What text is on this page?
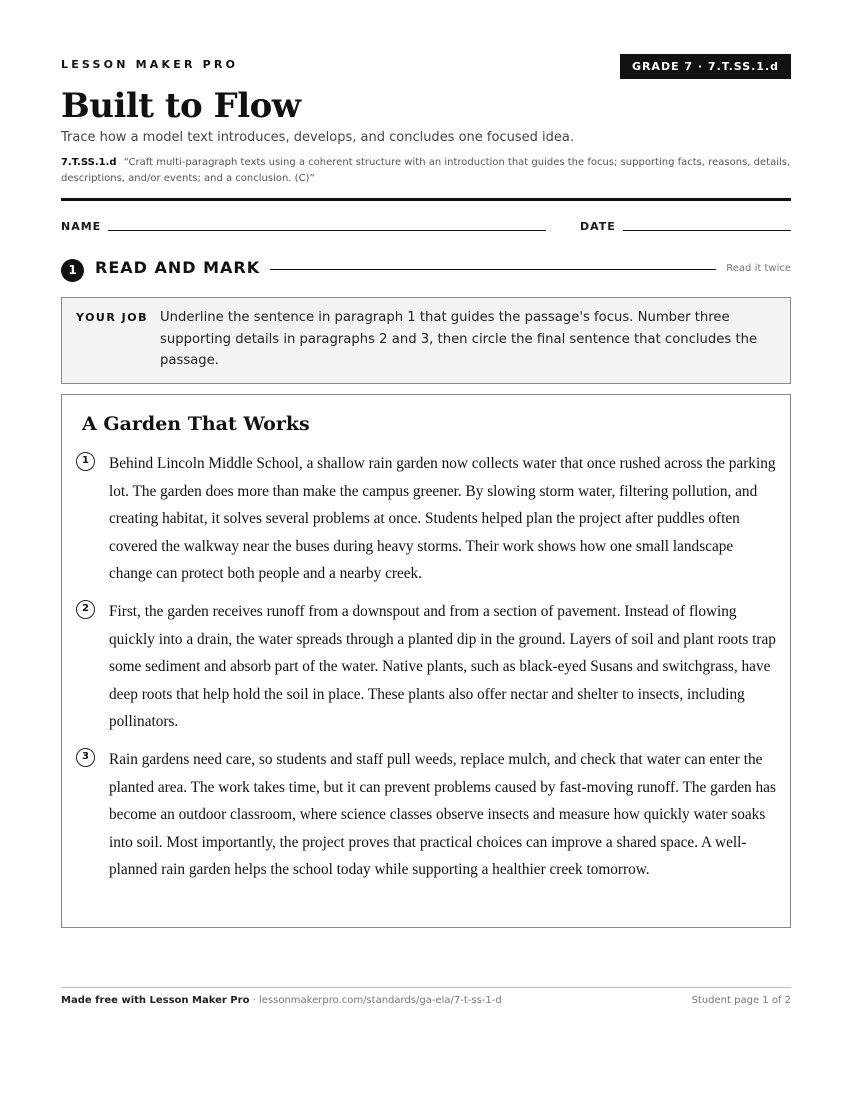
LESSON MAKER PRO	GRADE 7 · 7.T.SS.1.d
Built to Flow
Trace how a model text introduces, develops, and concludes one focused idea.
7.T.SS.1.d “Craft multi-paragraph texts using a coherent structure with an introduction that guides the focus; supporting facts, reasons, details, descriptions, and/or events; and a conclusion. (C)”
NAME	DATE
1	READ AND MARK	Read it twice
YOUR JOB Underline the sentence in paragraph 1 that guides the passage's focus. Number three supporting details in paragraphs 2 and 3, then circle the final sentence that concludes the passage.
A Garden That Works
1	Behind Lincoln Middle School, a shallow rain garden now collects water that once rushed across the parking lot. The garden does more than make the campus greener. By slowing storm water, filtering pollution, and creating habitat, it solves several problems at once. Students helped plan the project after puddles often covered the walkway near the buses during heavy storms. Their work shows how one small landscape change can protect both people and a nearby creek.
2	First, the garden receives runoff from a downspout and from a section of pavement. Instead of flowing quickly into a drain, the water spreads through a planted dip in the ground. Layers of soil and plant roots trap some sediment and absorb part of the water. Native plants, such as black-eyed Susans and switchgrass, have deep roots that help hold the soil in place. These plants also offer nectar and shelter to insects, including pollinators.
3	Rain gardens need care, so students and staff pull weeds, replace mulch, and check that water can enter the planted area. The work takes time, but it can prevent problems caused by fast-moving runoff. The garden has become an outdoor classroom, where science classes observe insects and measure how quickly water soaks into soil. Most importantly, the project proves that practical choices can improve a shared space. A well-planned rain garden helps the school today while supporting a healthier creek tomorrow.
Made free with Lesson Maker Pro · lessonmakerpro.com/standards/ga-ela/7-t-ss-1-d	Student page 1 of 2
